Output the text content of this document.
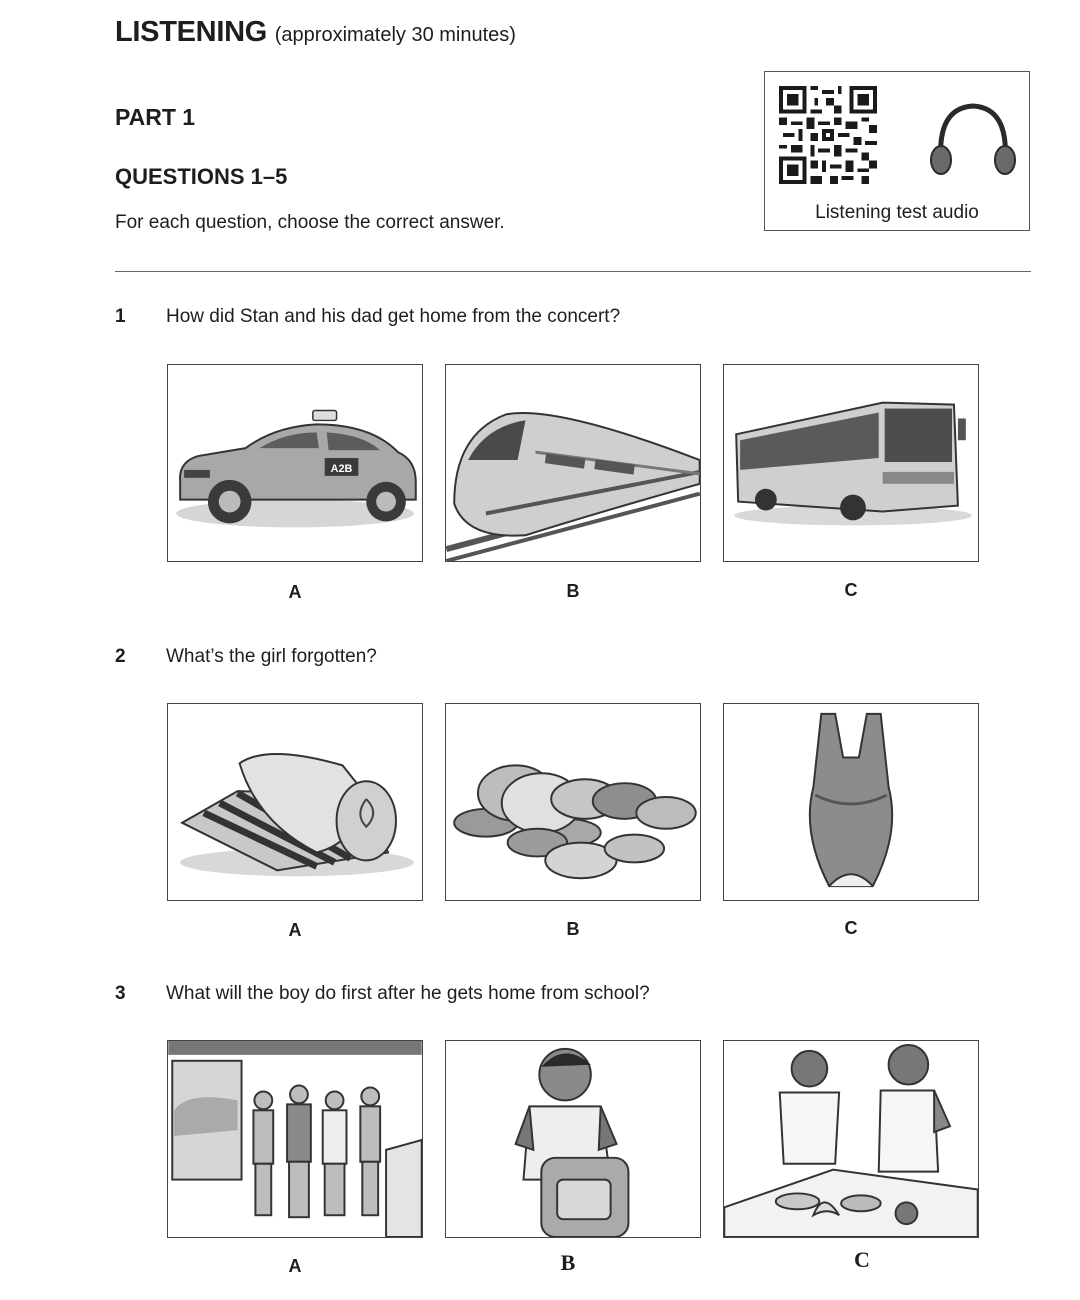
LISTENING (approximately 30 minutes)
PART 1
QUESTIONS 1–5
For each question, choose the correct answer.	Listening test audio
1 How did Stan and his dad get home from the concert?
A2B
A	B	C
2 What’s the girl forgotten?
A	B	C
3 What will the boy do first after he gets home from school?
A	B	C
